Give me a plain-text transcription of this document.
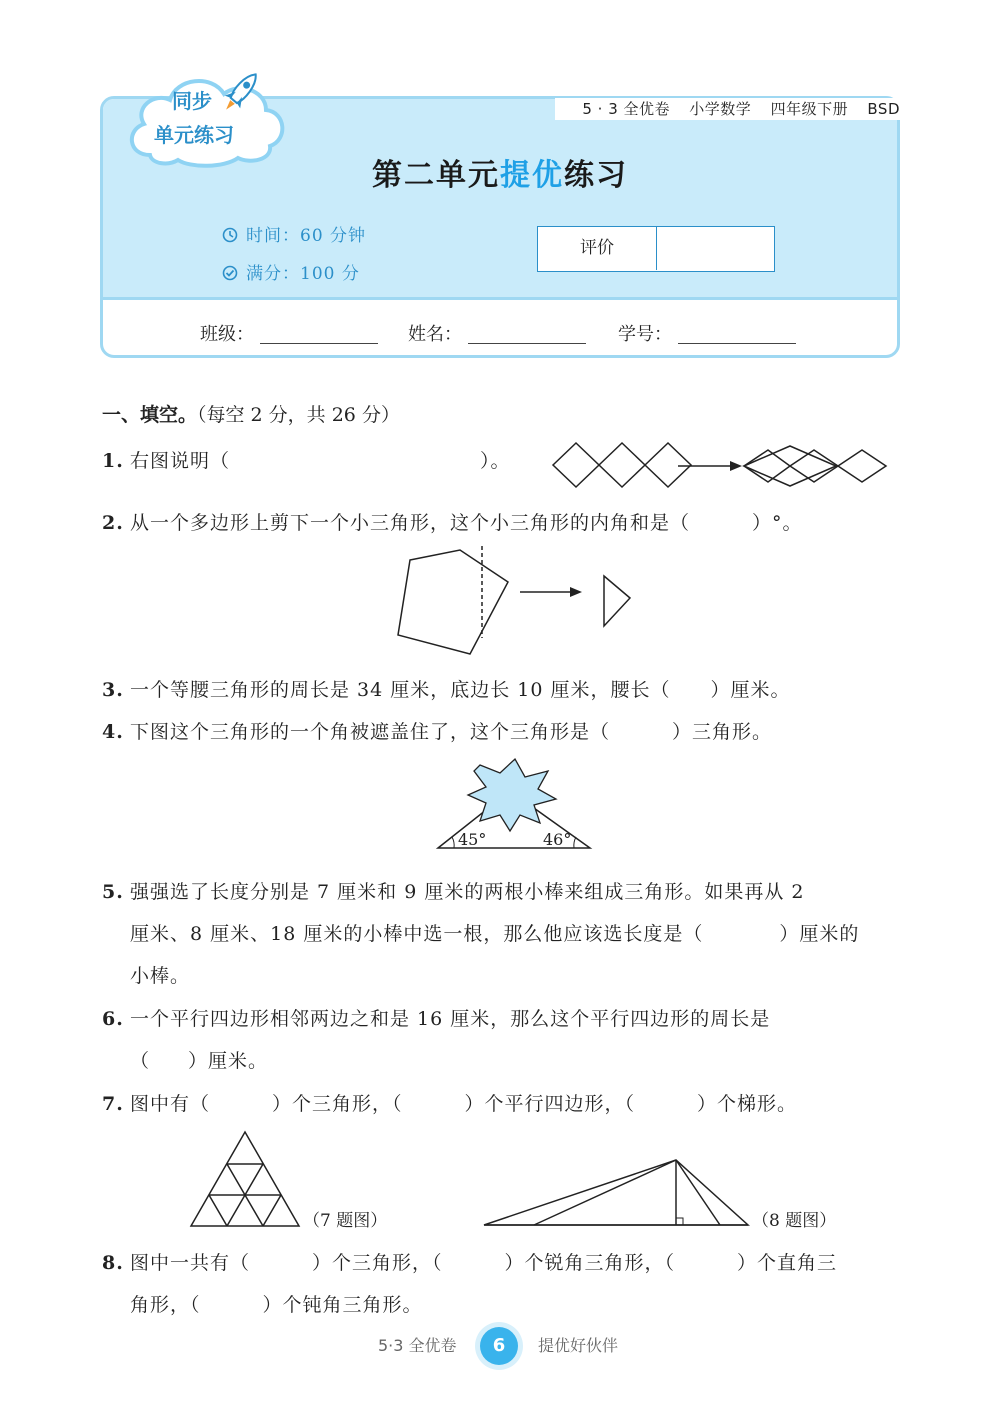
5 · 3 全优卷 小学数学 四年级下册 BSD
同步
单元练习
第二单元提优练习
时间：60 分钟
满分：100 分
评价
班级：	姓名：	学号：
一、填空。（每空 2 分，共 26 分）
1. 右图说明（	）。
2. 从一个多边形上剪下一个小三角形，这个小三角形的内角和是（	）°。
3. 一个等腰三角形的周长是 34 厘米，底边长 10 厘米，腰长（ ）厘米。
4. 下图这个三角形的一个角被遮盖住了，这个三角形是（	）三角形。
45°	46°
5. 强强选了长度分别是 7 厘米和 9 厘米的两根小棒来组成三角形。如果再从 2
厘米、8 厘米、18 厘米的小棒中选一根，那么他应该选长度是（	）厘米的
小棒。
6. 一个平行四边形相邻两边之和是 16 厘米，那么这个平行四边形的周长是
（ ）厘米。
7. 图中有（	）个三角形，（	）个平行四边形，（	）个梯形。
（7 题图）	（8 题图）
8. 图中一共有（	）个三角形，（	）个锐角三角形，（	）个直角三
角形，（	）个钝角三角形。
5·3 全优卷	提优好伙伴
6
